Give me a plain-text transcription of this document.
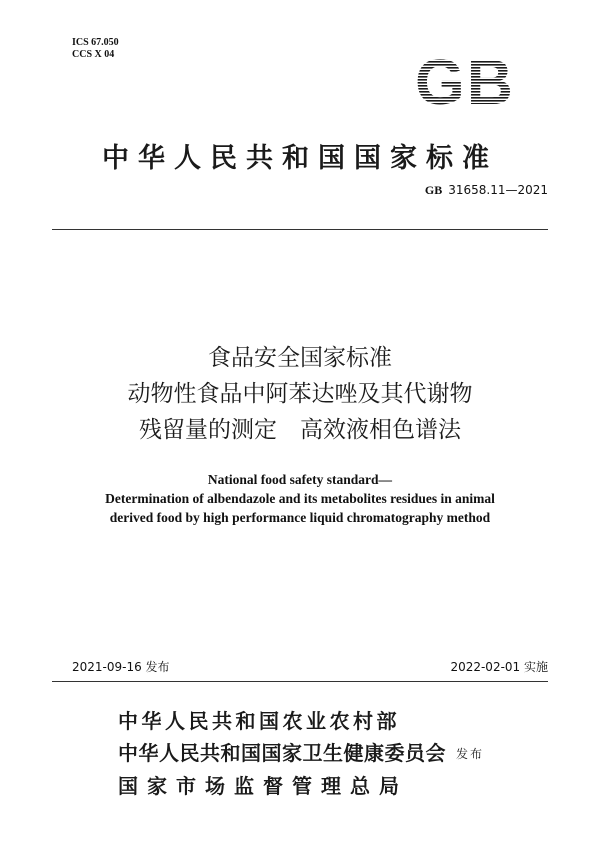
ICS 67.050
CCS X 04	GB
中华人民共和国国家标准
GB 31658.11—2021
食品安全国家标准
动物性食品中阿苯达唑及其代谢物
残留量的测定　高效液相色谱法
National food safety standard—
Determination of albendazole and its metabolites residues in animal
derived food by high performance liquid chromatography method
2021-09-16 发布	2022-02-01 实施
中华人民共和国农业农村部
中华人民共和国国家卫生健康委员会 发布
国家市场监督管理总局
